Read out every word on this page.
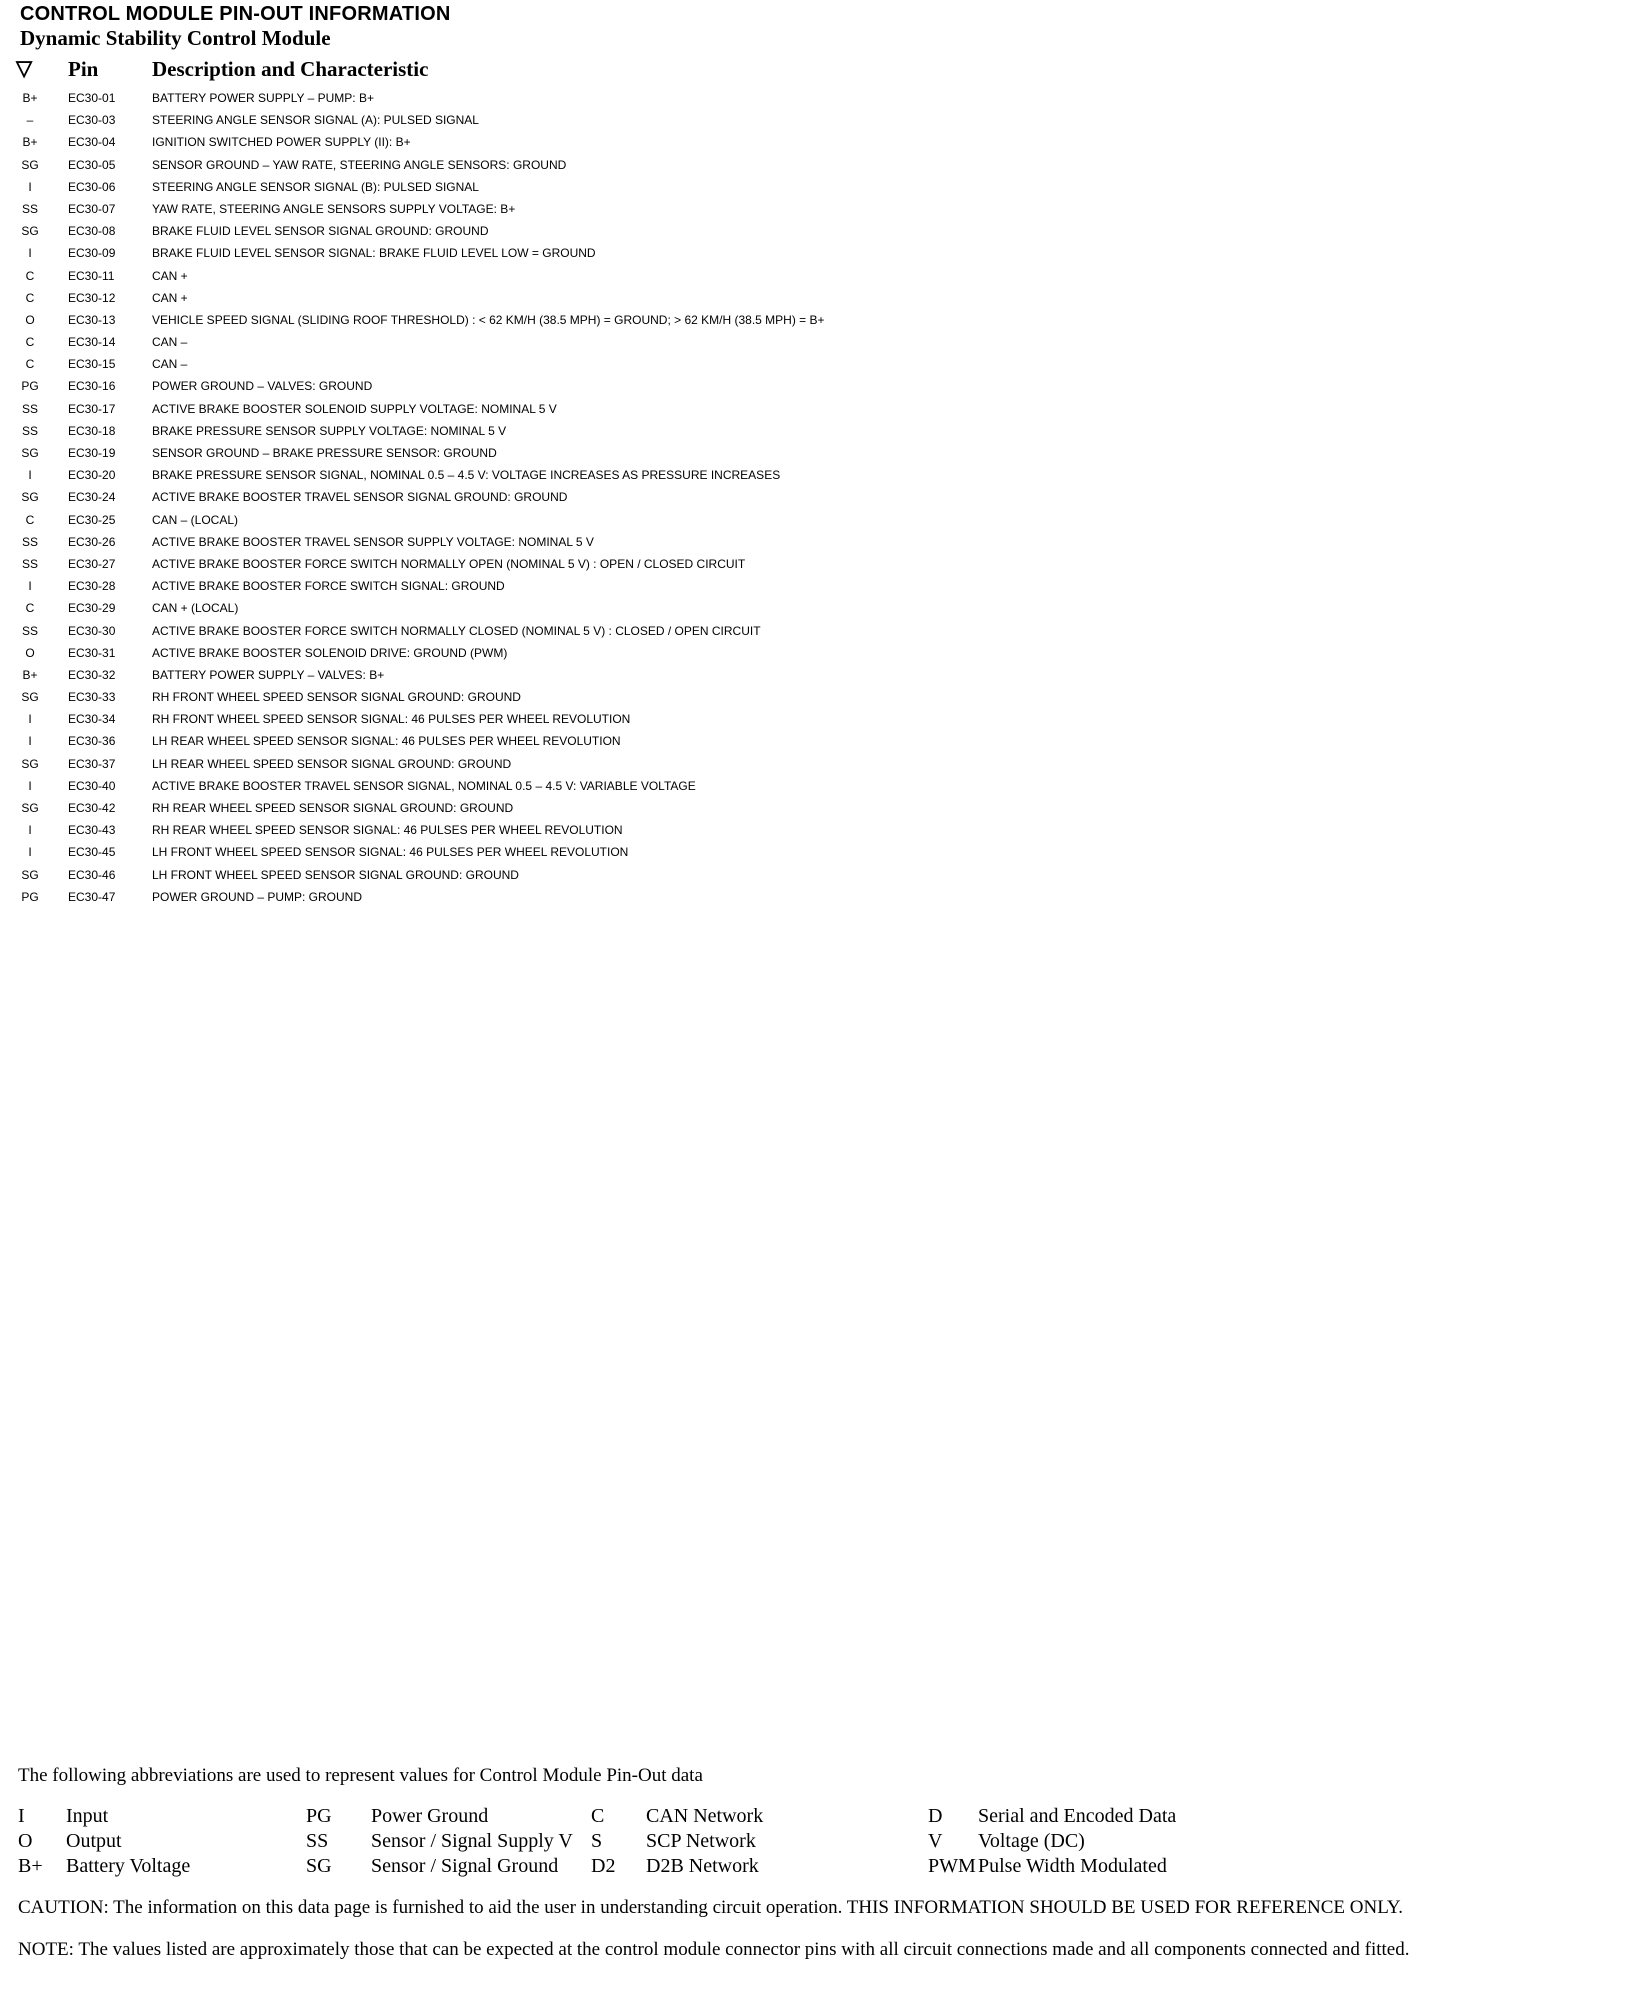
CONTROL MODULE PIN-OUT INFORMATION
Dynamic Stability Control Module
▽ Pin	Description and Characteristic
B+	EC30-01	BATTERY POWER SUPPLY – PUMP: B+
–	EC30-03	STEERING ANGLE SENSOR SIGNAL (A): PULSED SIGNAL
B+	EC30-04	IGNITION SWITCHED POWER SUPPLY (II): B+
SG	EC30-05	SENSOR GROUND – YAW RATE, STEERING ANGLE SENSORS: GROUND
I	EC30-06	STEERING ANGLE SENSOR SIGNAL (B): PULSED SIGNAL
SS	EC30-07	YAW RATE, STEERING ANGLE SENSORS SUPPLY VOLTAGE: B+
SG	EC30-08	BRAKE FLUID LEVEL SENSOR SIGNAL GROUND: GROUND
I	EC30-09	BRAKE FLUID LEVEL SENSOR SIGNAL: BRAKE FLUID LEVEL LOW = GROUND
C	EC30-11	CAN +
C	EC30-12	CAN +
O	EC30-13	VEHICLE SPEED SIGNAL (SLIDING ROOF THRESHOLD) : < 62 KM/H (38.5 MPH) = GROUND; > 62 KM/H (38.5 MPH) = B+
C	EC30-14	CAN –
C	EC30-15	CAN –
PG	EC30-16	POWER GROUND – VALVES: GROUND
SS	EC30-17	ACTIVE BRAKE BOOSTER SOLENOID SUPPLY VOLTAGE: NOMINAL 5 V
SS	EC30-18	BRAKE PRESSURE SENSOR SUPPLY VOLTAGE: NOMINAL 5 V
SG	EC30-19	SENSOR GROUND – BRAKE PRESSURE SENSOR: GROUND
I	EC30-20	BRAKE PRESSURE SENSOR SIGNAL, NOMINAL 0.5 – 4.5 V: VOLTAGE INCREASES AS PRESSURE INCREASES
SG	EC30-24	ACTIVE BRAKE BOOSTER TRAVEL SENSOR SIGNAL GROUND: GROUND
C	EC30-25	CAN – (LOCAL)
SS	EC30-26	ACTIVE BRAKE BOOSTER TRAVEL SENSOR SUPPLY VOLTAGE: NOMINAL 5 V
SS	EC30-27	ACTIVE BRAKE BOOSTER FORCE SWITCH NORMALLY OPEN (NOMINAL 5 V) : OPEN / CLOSED CIRCUIT
I	EC30-28	ACTIVE BRAKE BOOSTER FORCE SWITCH SIGNAL: GROUND
C	EC30-29	CAN + (LOCAL)
SS	EC30-30	ACTIVE BRAKE BOOSTER FORCE SWITCH NORMALLY CLOSED (NOMINAL 5 V) : CLOSED / OPEN CIRCUIT
O	EC30-31	ACTIVE BRAKE BOOSTER SOLENOID DRIVE: GROUND (PWM)
B+	EC30-32	BATTERY POWER SUPPLY – VALVES: B+
SG	EC30-33	RH FRONT WHEEL SPEED SENSOR SIGNAL GROUND: GROUND
I	EC30-34	RH FRONT WHEEL SPEED SENSOR SIGNAL: 46 PULSES PER WHEEL REVOLUTION
I	EC30-36	LH REAR WHEEL SPEED SENSOR SIGNAL: 46 PULSES PER WHEEL REVOLUTION
SG	EC30-37	LH REAR WHEEL SPEED SENSOR SIGNAL GROUND: GROUND
I	EC30-40	ACTIVE BRAKE BOOSTER TRAVEL SENSOR SIGNAL, NOMINAL 0.5 – 4.5 V: VARIABLE VOLTAGE
SG	EC30-42	RH REAR WHEEL SPEED SENSOR SIGNAL GROUND: GROUND
I	EC30-43	RH REAR WHEEL SPEED SENSOR SIGNAL: 46 PULSES PER WHEEL REVOLUTION
I	EC30-45	LH FRONT WHEEL SPEED SENSOR SIGNAL: 46 PULSES PER WHEEL REVOLUTION
SG	EC30-46	LH FRONT WHEEL SPEED SENSOR SIGNAL GROUND: GROUND
PG	EC30-47	POWER GROUND – PUMP: GROUND
The following abbreviations are used to represent values for Control Module Pin-Out data
I Input
O Output
B+ Battery Voltage
PG Power Ground
SS Sensor / Signal Supply V
SG Sensor / Signal Ground
C CAN Network
S SCP Network
D2 D2B Network
D Serial and Encoded Data
V Voltage (DC)
PWM Pulse Width Modulated
CAUTION: The information on this data page is furnished to aid the user in understanding circuit operation. THIS INFORMATION SHOULD BE USED FOR REFERENCE ONLY.
NOTE: The values listed are approximately those that can be expected at the control module connector pins with all circuit connections made and all components connected and fitted.
